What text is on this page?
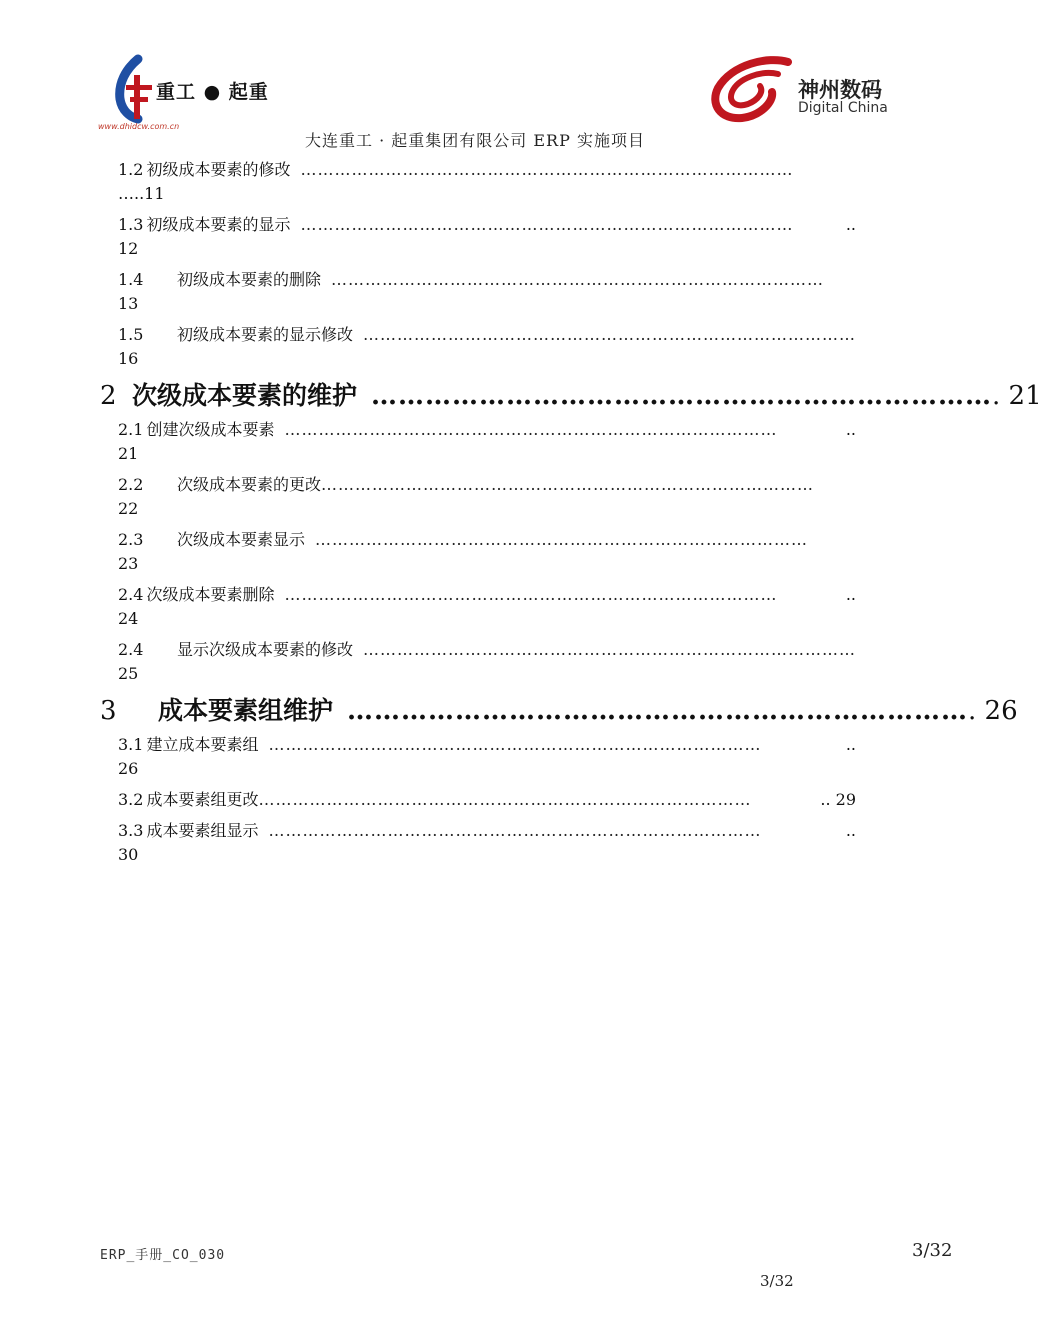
重工 ● 起重
www.dhidcw.com.cn
神州数码
Digital China
大连重工 · 起重集团有限公司 ERP 实施项目
1.2 初级成本要素的修改 ……………………………………………………………………………
…..11
1.3 初级成本要素的显示 ……………………………………………………………………………	..
12
1.4	初级成本要素的删除 ……………………………………………………………………………
13
1.5	初级成本要素的显示修改 ……………………………………………………………………………
16
2 次级成本要素的维护 …………………………………………………………… . 21
2.1 创建次级成本要素 ……………………………………………………………………………	..
21
2.2	次级成本要素的更改 ……………………………………………………………………………
22
2.3	次级成本要素显示 ……………………………………………………………………………
23
2.4 次级成本要素删除 ……………………………………………………………………………	..
24
2.4	显示次级成本要素的修改 ……………………………………………………………………………
25
3	成本要素组维护 …………………………………………………………… . 26
3.1 建立成本要素组 ……………………………………………………………………………	..
26
3.2 成本要素组更改 ……………………………………………………………………………	.. 29
3.3 成本要素组显示 ……………………………………………………………………………	..
30
ERP_手册_CO_030	3/32
3/32
